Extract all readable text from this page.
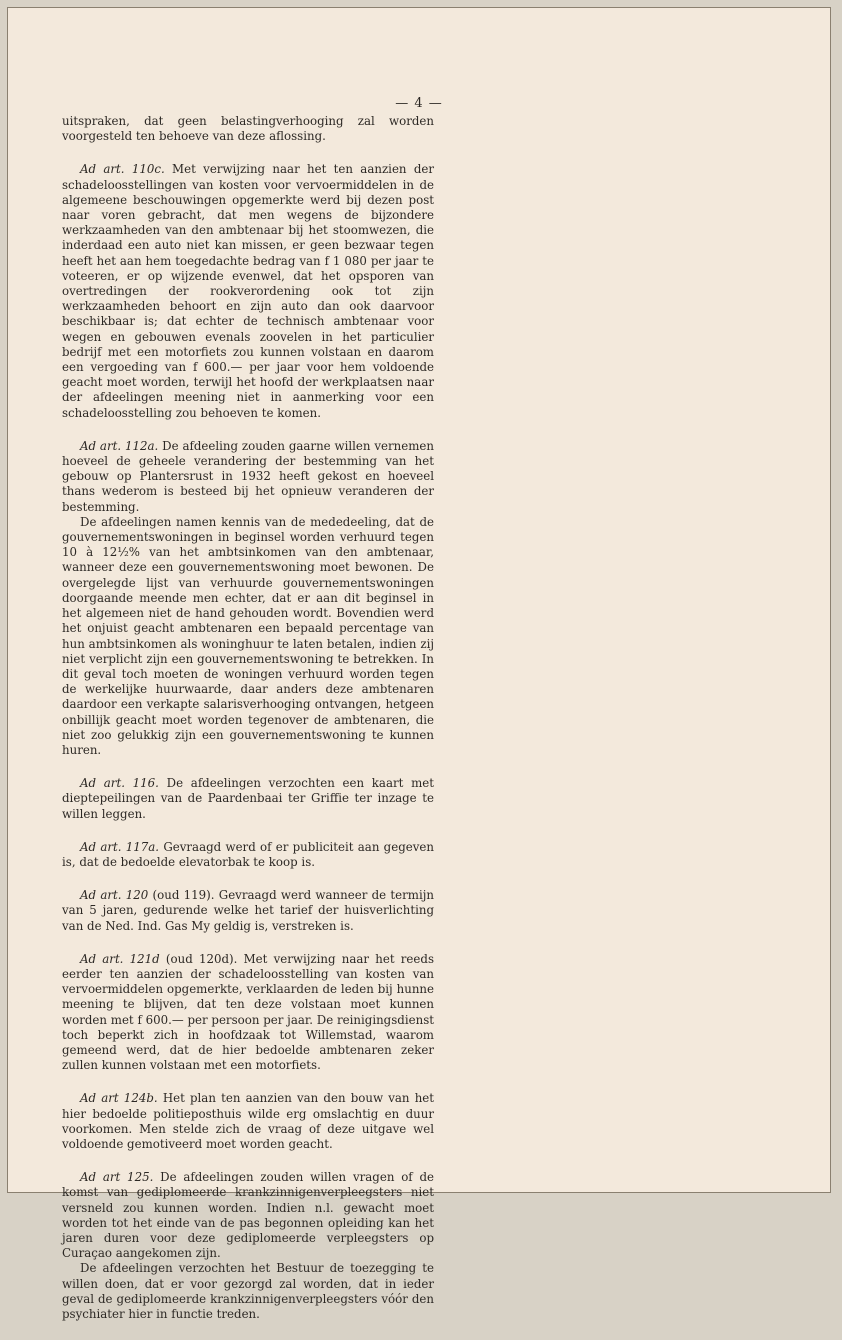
— 4 —

uitspraken, dat geen belastingverhooging zal worden voorgesteld ten behoeve van deze aflossing.

Ad art. 110c. Met verwijzing naar het ten aanzien der schadeloosstellingen van kosten voor vervoermiddelen in de algemeene beschouwingen opgemerkte werd bij dezen post naar voren gebracht, dat men wegens de bijzondere werkzaamheden van den ambtenaar bij het stoomwezen, die inderdaad een auto niet kan missen, er geen bezwaar tegen heeft het aan hem toegedachte bedrag van f 1 080 per jaar te voteeren, er op wijzende evenwel, dat het opsporen van overtredingen der rookverordening ook tot zijn werkzaamheden behoort en zijn auto dan ook daarvoor beschikbaar is; dat echter de technisch ambtenaar voor wegen en gebouwen evenals zoovelen in het particulier bedrijf met een motorfiets zou kunnen volstaan en daarom een vergoeding van f 600.— per jaar voor hem voldoende geacht moet worden, terwijl het hoofd der werkplaatsen naar der afdeelingen meening niet in aanmerking voor een schadeloosstelling zou behoeven te komen.

Ad art. 112a. De afdeeling zouden gaarne willen vernemen hoeveel de geheele verandering der bestemming van het gebouw op Plantersrust in 1932 heeft gekost en hoeveel thans wederom is besteed bij het opnieuw veranderen der bestemming.

De afdeelingen namen kennis van de mededeeling, dat de gouvernementswoningen in beginsel worden verhuurd tegen 10 à 12½% van het ambtsinkomen van den ambtenaar, wanneer deze een gouvernementswoning moet bewonen. De overgelegde lijst van verhuurde gouvernementswoningen doorgaande meende men echter, dat er aan dit beginsel in het algemeen niet de hand gehouden wordt. Bovendien werd het onjuist geacht ambtenaren een bepaald percentage van hun ambtsinkomen als woninghuur te laten betalen, indien zij niet verplicht zijn een gouvernementswoning te betrekken. In dit geval toch moeten de woningen verhuurd worden tegen de werkelijke huurwaarde, daar anders deze ambtenaren daardoor een verkapte salarisverhooging ontvangen, hetgeen onbillijk geacht moet worden tegenover de ambtenaren, die niet zoo gelukkig zijn een gouvernementswoning te kunnen huren.

Ad art. 116. De afdeelingen verzochten een kaart met dieptepeilingen van de Paardenbaai ter Griffie ter inzage te willen leggen.

Ad art. 117a. Gevraagd werd of er publiciteit aan gegeven is, dat de bedoelde elevatorbak te koop is.

Ad art. 120 (oud 119). Gevraagd werd wanneer de termijn van 5 jaren, gedurende welke het tarief der huisverlichting van de Ned. Ind. Gas My geldig is, verstreken is.

Ad art. 121d (oud 120d). Met verwijzing naar het reeds eerder ten aanzien der schadeloosstelling van kosten van vervoermiddelen opgemerkte, verklaarden de leden bij hunne meening te blijven, dat ten deze volstaan moet kunnen worden met f 600.— per persoon per jaar. De reinigingsdienst toch beperkt zich in hoofdzaak tot Willemstad, waarom gemeend werd, dat de hier bedoelde ambtenaren zeker zullen kunnen volstaan met een motorfiets.

Ad art 124b. Het plan ten aanzien van den bouw van het hier bedoelde politieposthuis wilde erg omslachtig en duur voorkomen. Men stelde zich de vraag of deze uitgave wel voldoende gemotiveerd moet worden geacht.

Ad art 125. De afdeelingen zouden willen vragen of de komst van gediplomeerde krankzinnigenverpleegsters niet versneld zou kunnen worden. Indien n.l. gewacht moet worden tot het einde van de pas begonnen opleiding kan het jaren duren voor deze gediplomeerde verpleegsters op Curaçao aangekomen zijn.

De afdeelingen verzochten het Bestuur de toezegging te willen doen, dat er voor gezorgd zal worden, dat in ieder geval de gediplomeerde krankzinnigenverpleegsters vóór den psychiater hier in functie treden.
